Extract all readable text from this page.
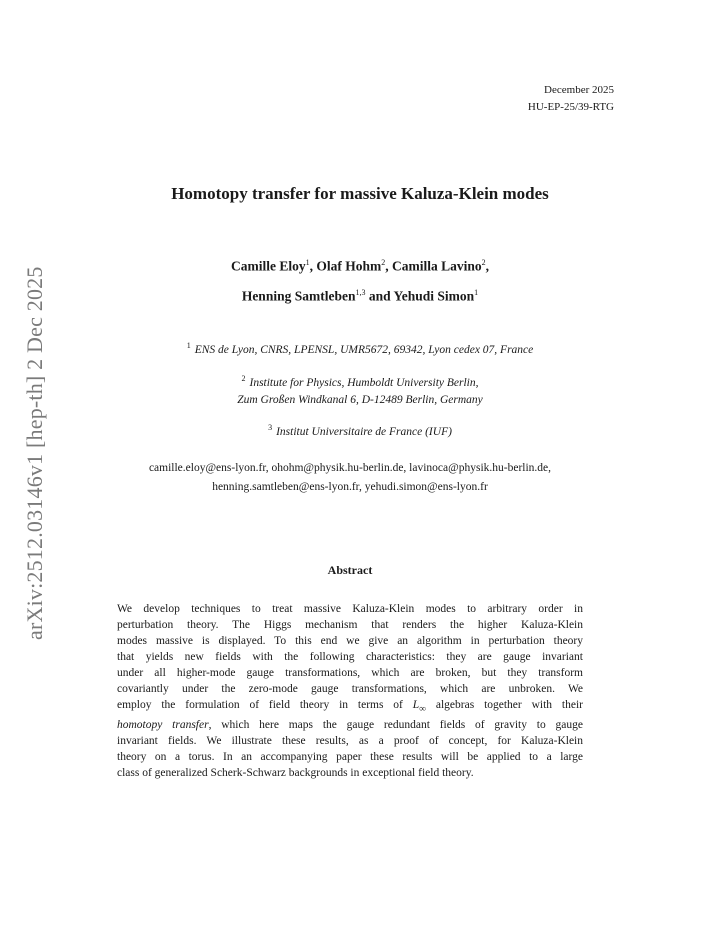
arXiv:2512.03146v1 [hep-th] 2 Dec 2025
December 2025
HU-EP-25/39-RTG
Homotopy transfer for massive Kaluza-Klein modes
Camille Eloy$^1$, Olaf Hohm$^2$, Camilla Lavino$^2$,
Henning Samtleben$^{1,3}$ and Yehudi Simon$^1$
$^1$ ENS de Lyon, CNRS, LPENSL, UMR5672, 69342, Lyon cedex 07, France
$^2$ Institute for Physics, Humboldt University Berlin,
Zum Großen Windkanal 6, D-12489 Berlin, Germany
$^3$ Institut Universitaire de France (IUF)
camille.eloy@ens-lyon.fr, ohohm@physik.hu-berlin.de, lavinoca@physik.hu-berlin.de,
henning.samtleben@ens-lyon.fr, yehudi.simon@ens-lyon.fr
Abstract
We develop techniques to treat massive Kaluza-Klein modes to arbitrary order in
perturbation theory. The Higgs mechanism that renders the higher Kaluza-Klein
modes massive is displayed. To this end we give an algorithm in perturbation theory
that yields new fields with the following characteristics: they are gauge invariant
under all higher-mode gauge transformations, which are broken, but they transform
covariantly under the zero-mode gauge transformations, which are unbroken. We
employ the formulation of field theory in terms of $L_\infty$ algebras together with their
homotopy transfer, which here maps the gauge redundant fields of gravity to gauge
invariant fields. We illustrate these results, as a proof of concept, for Kaluza-Klein
theory on a torus. In an accompanying paper these results will be applied to a large
class of generalized Scherk-Schwarz backgrounds in exceptional field theory.
